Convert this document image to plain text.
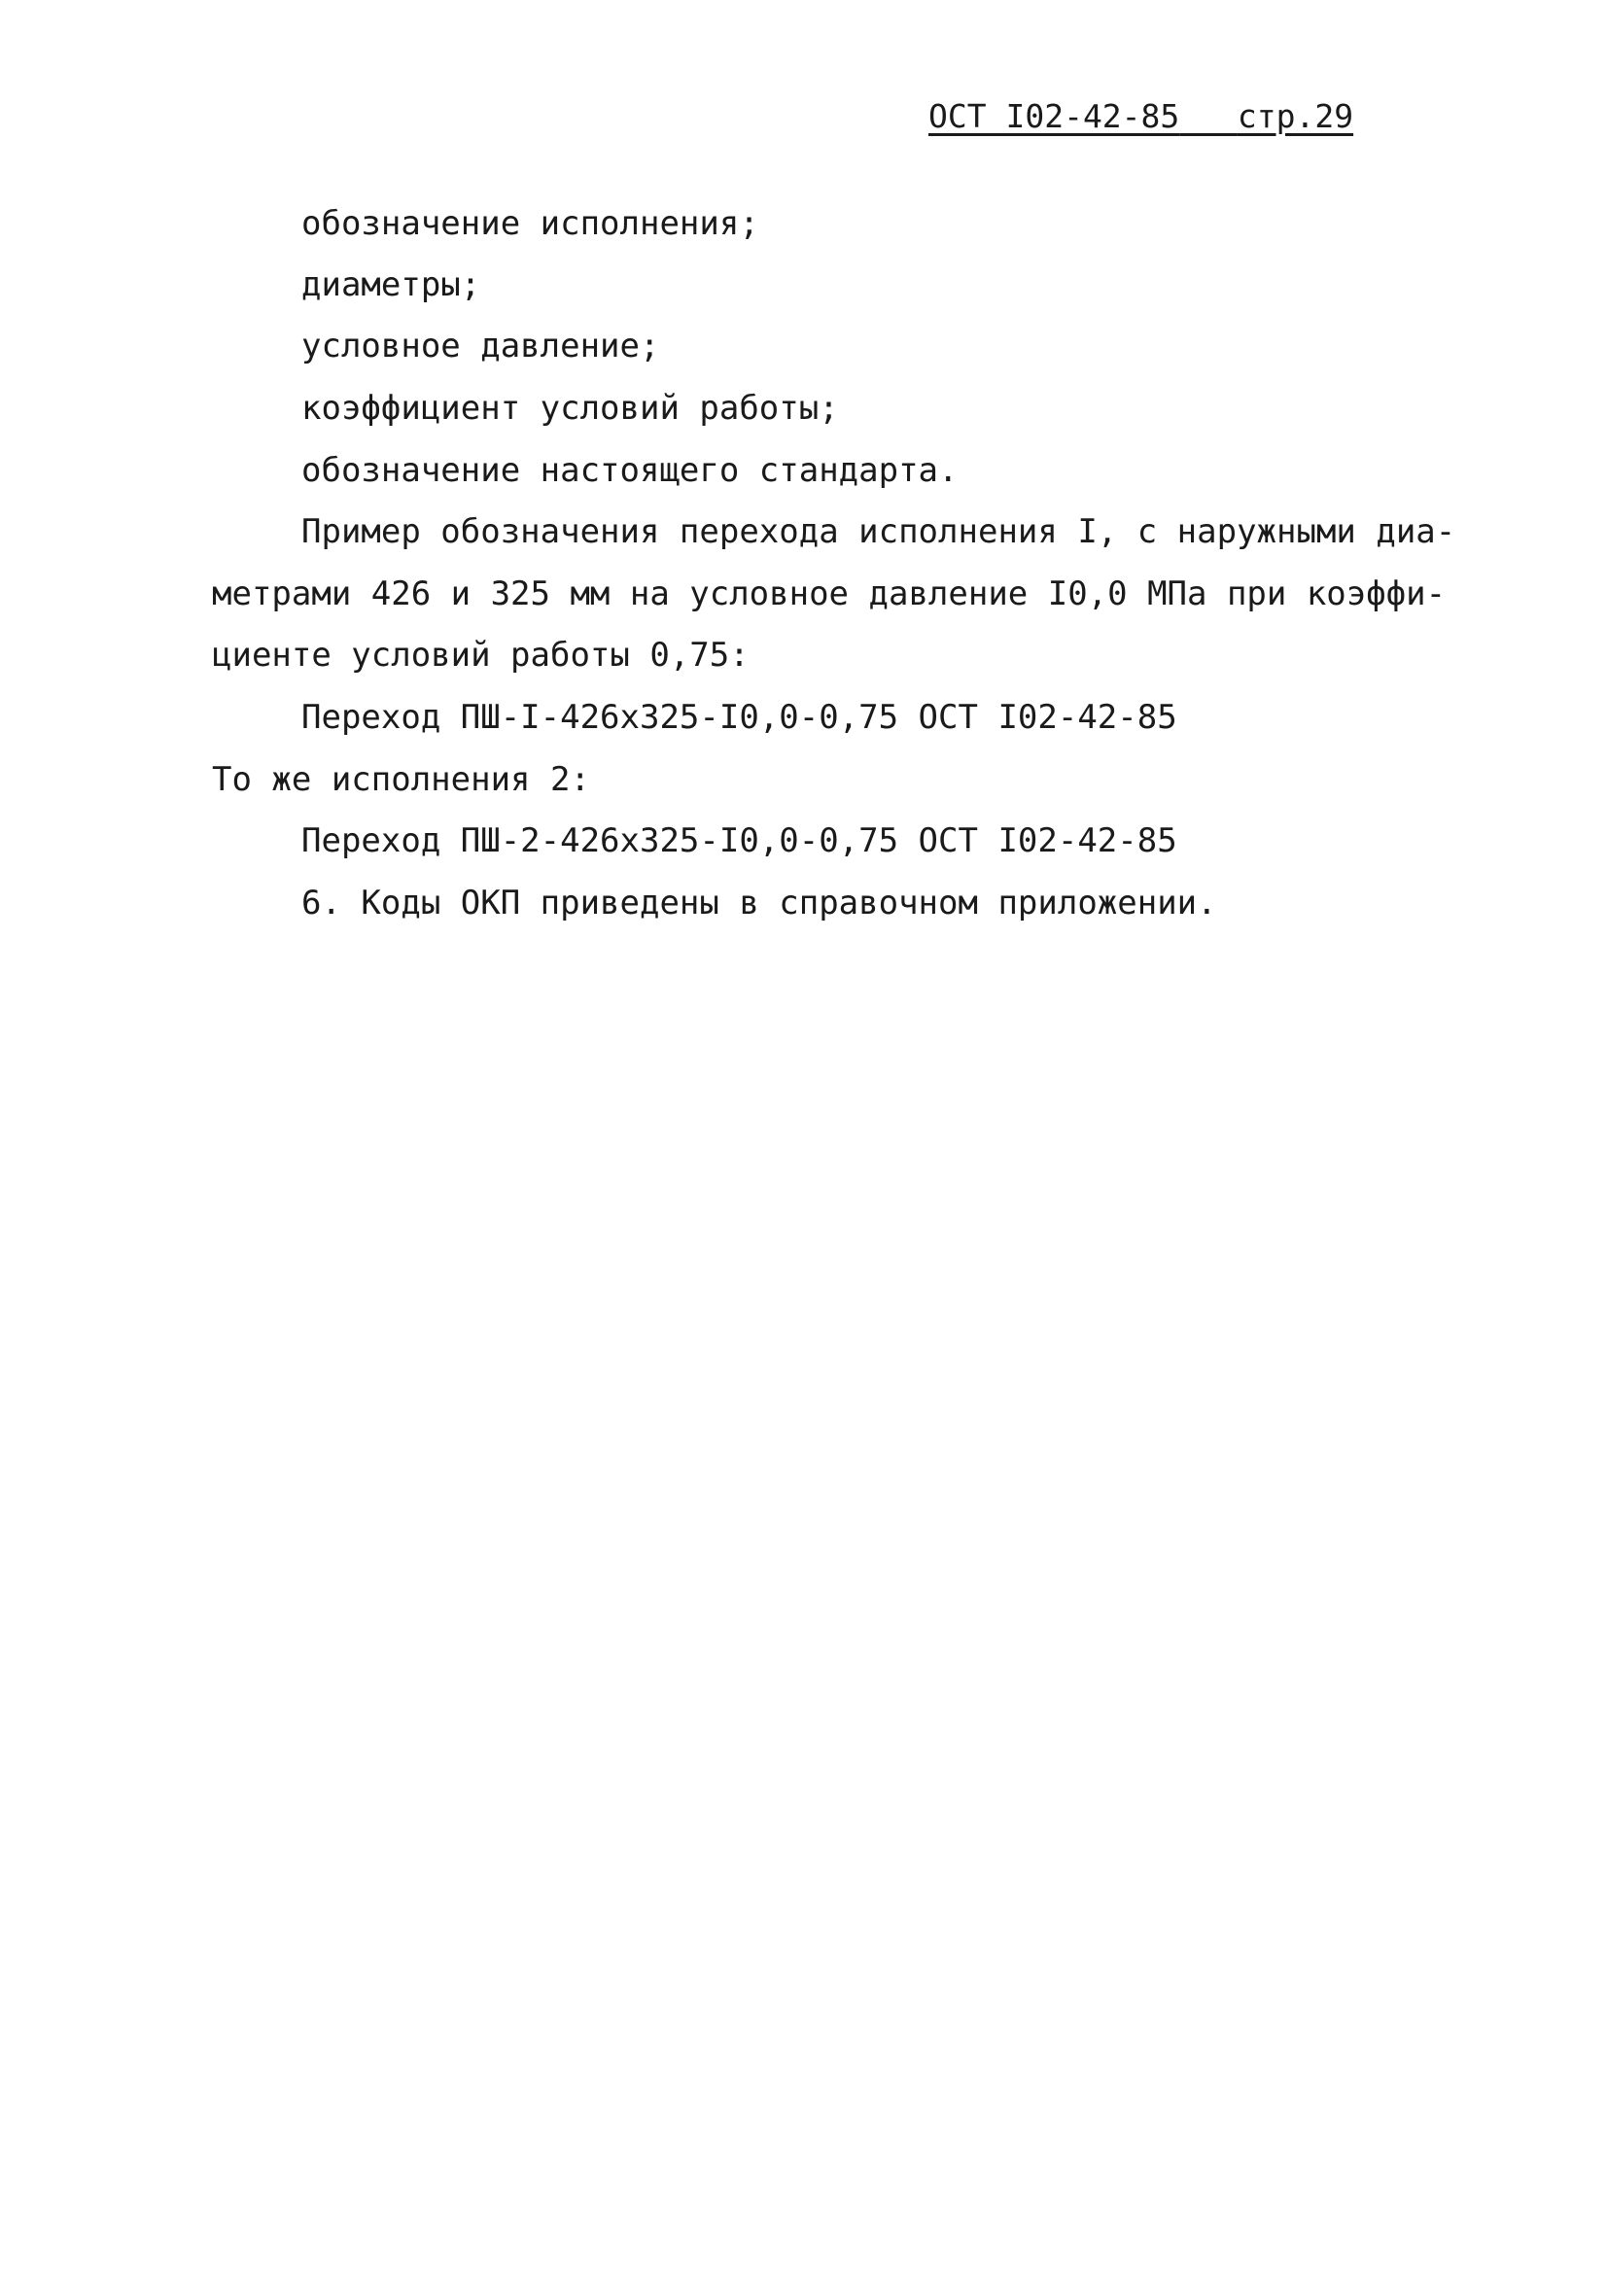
ОСТ I02-42-85 стр.29
обозначение исполнения;
диаметры;
условное давление;
коэффициент условий работы;
обозначение настоящего стандарта.
Пример обозначения перехода исполнения I, с наружными диа-
метрами 426 и 325 мм на условное давление I0,0 МПа при коэффи-
циенте условий работы 0,75:
Переход ПШ-I-426х325-I0,0-0,75 ОСТ I02-42-85
То же исполнения 2:
Переход ПШ-2-426х325-I0,0-0,75 ОСТ I02-42-85
6. Коды ОКП приведены в справочном приложении.
